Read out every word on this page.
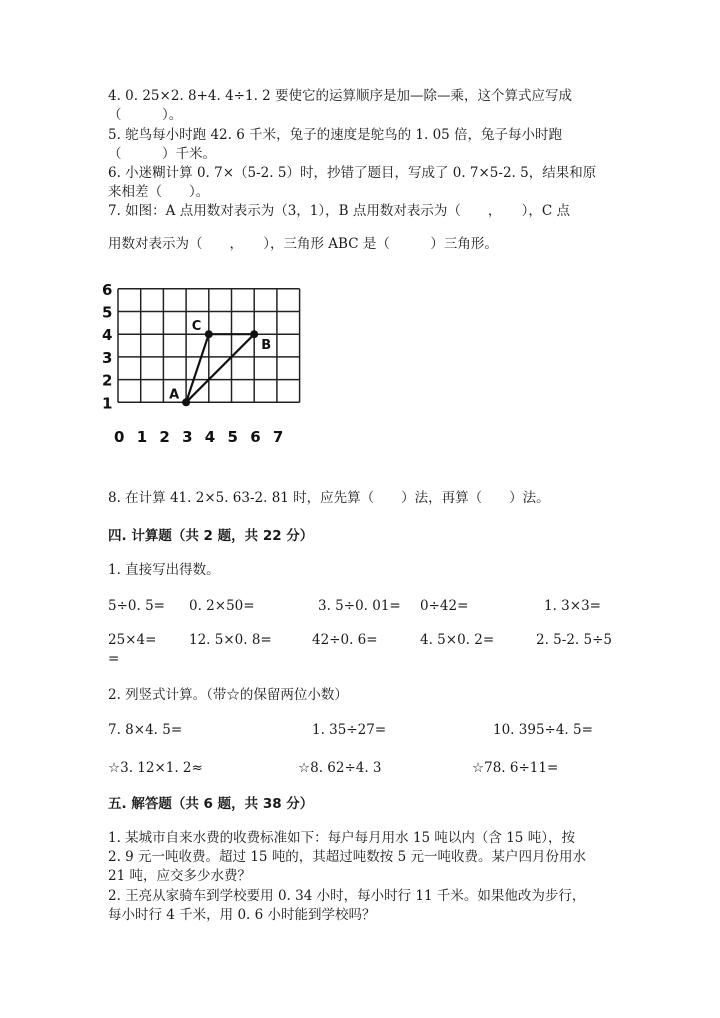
4. 0. 25×2. 8+4. 4÷1. 2 要使它的运算顺序是加—除—乘，这个算式应写成
（　　　）。
5. 鸵鸟每小时跑 42. 6 千米，兔子的速度是鸵鸟的 1. 05 倍，兔子每小时跑
（　　　）千米。
6. 小迷糊计算 0. 7×（5-2. 5）时，抄错了题目，写成了 0. 7×5-2. 5，结果和原
来相差（　　）。
7. 如图：A 点用数对表示为（3，1），B 点用数对表示为（　　，　　），C 点
用数对表示为（　　，　　），三角形 ABC 是（　　　）三角形。
A
B
C
0 1 2 3 4 5 6 7
1
2
3
4
5
6
8. 在计算 41. 2×5. 63-2. 81 时，应先算（　　）法，再算（　　）法。
四. 计算题（共 2 题，共 22 分）
1. 直接写出得数。
5÷0. 5= 0. 2×50=	3. 5÷0. 01= 0÷42=	1. 3×3=
25×4= 12. 5×0. 8=	42÷0. 6=	4. 5×0. 2=	2. 5-2. 5÷5
=
2. 列竖式计算。（带☆的保留两位小数）
7. 8×4. 5=	1. 35÷27=	10. 395÷4. 5=
☆3. 12×1. 2≈	☆8. 62÷4. 3	☆78. 6÷11=
五. 解答题（共 6 题，共 38 分）
1. 某城市自来水费的收费标准如下：每户每月用水 15 吨以内（含 15 吨），按
2. 9 元一吨收费。超过 15 吨的，其超过吨数按 5 元一吨收费。某户四月份用水
21 吨，应交多少水费？
2. 王亮从家骑车到学校要用 0. 34 小时，每小时行 11 千米。如果他改为步行，
每小时行 4 千米，用 0. 6 小时能到学校吗？
